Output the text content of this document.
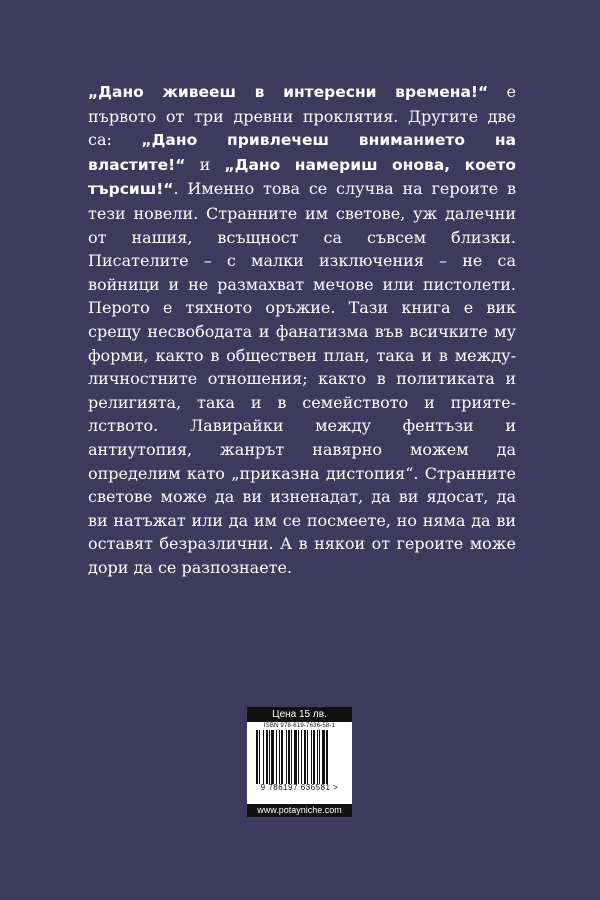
„Дано живееш в интересни времена!“ е първото от три древни проклятия. Другите две са: „Дано привлечеш вниманието на властите!“ и „Дано намериш онова, което търсиш!“. Именно това се случва на героите в тези новели. Странните им светове, уж далечни от нашия, всъщност са съвсем близки. Писателите – с малки изключения – не са войници и не размахват мечове или пистолети. Перото е тяхното оръжие. Тази книга е вик срещу несвободата и фанатизма във всичките му форми, както в обществен план, така и в междуличностните отношения; както в политиката и религията, така и в семейството и приятелството. Лавирайки между фентъзи и антиутопия, жанрът навярно можем да определим като „приказна дистопия“. Странните светове може да ви изненадат, да ви ядосат, да ви натъжат или да им се посмеете, но няма да ви оставят безразлични. А в някои от героите може дори да се разпознаете.
Цена 15 лв.
ISBN 978-619-7636-58-1
9 786197 636581 >
www.potayniche.com
